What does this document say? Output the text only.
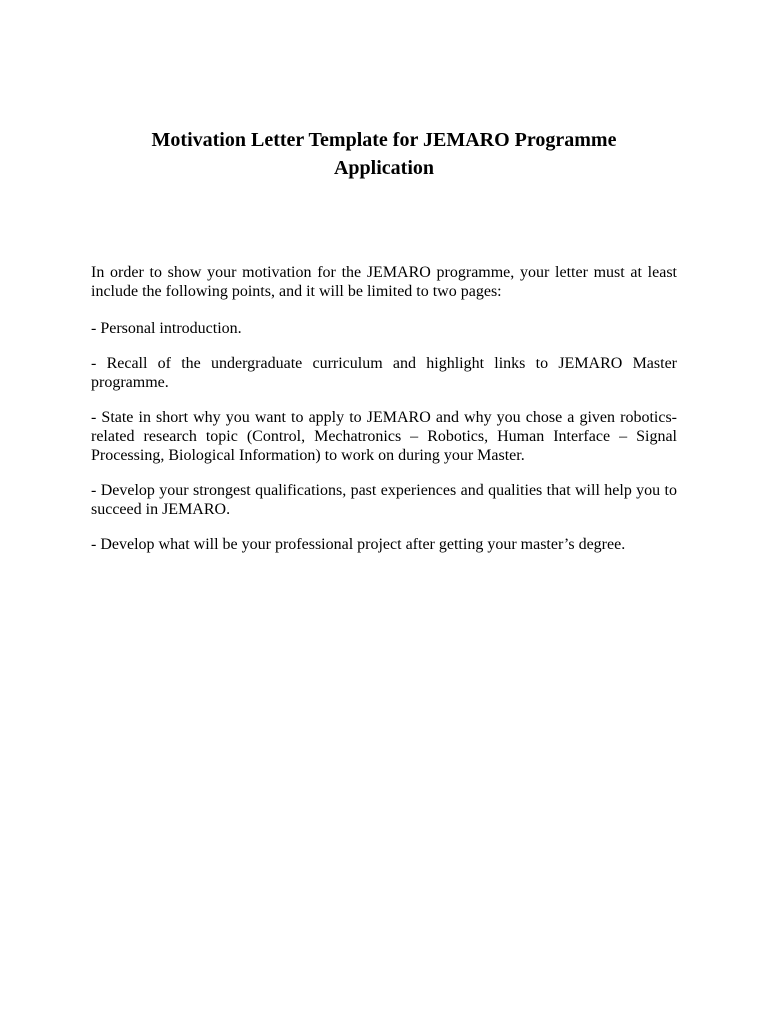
Motivation Letter Template for JEMARO Programme
Application

In order to show your motivation for the JEMARO programme, your letter must at least include the following points, and it will be limited to two pages:

- Personal introduction.

- Recall of the undergraduate curriculum and highlight links to JEMARO Master programme.

- State in short why you want to apply to JEMARO and why you chose a given robotics-related research topic (Control, Mechatronics – Robotics, Human Interface – Signal Processing, Biological Information) to work on during your Master.

- Develop your strongest qualifications, past experiences and qualities that will help you to succeed in JEMARO.

- Develop what will be your professional project after getting your master’s degree.
